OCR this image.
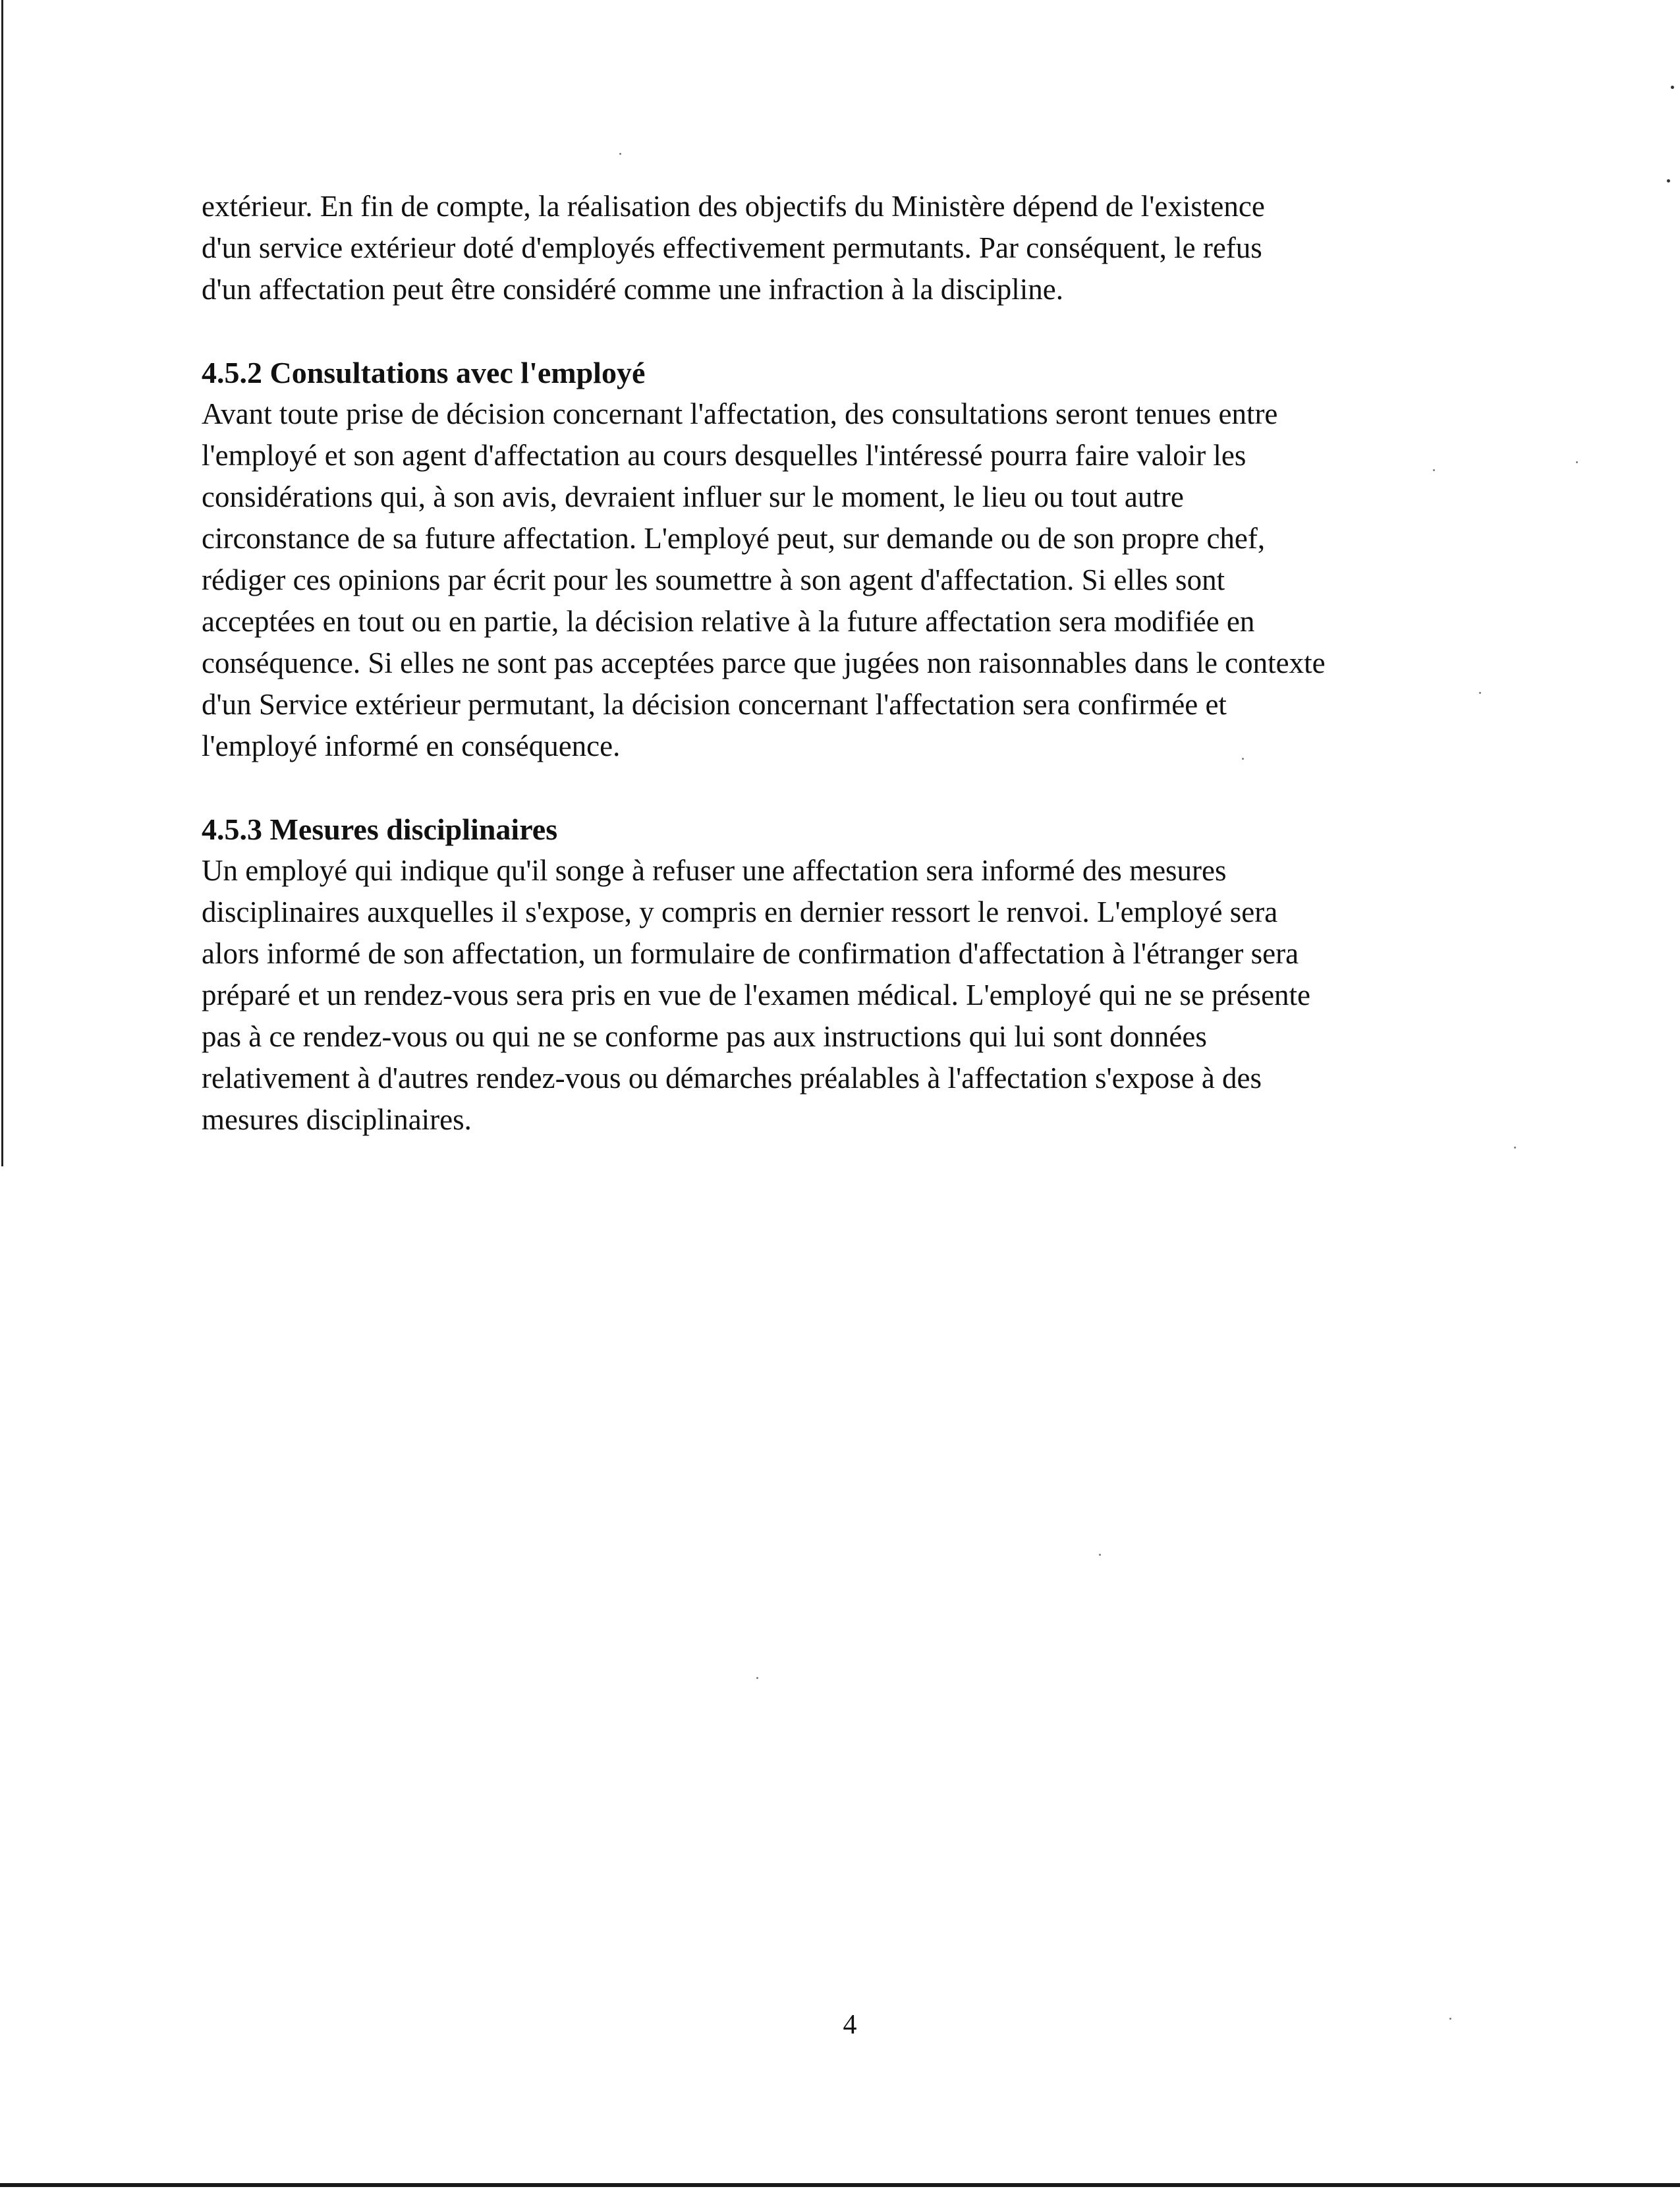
extérieur. En fin de compte, la réalisation des objectifs du Ministère dépend de l'existence
d'un service extérieur doté d'employés effectivement permutants. Par conséquent, le refus
d'un affectation peut être considéré comme une infraction à la discipline.

4.5.2 Consultations avec l'employé

Avant toute prise de décision concernant l'affectation, des consultations seront tenues entre
l'employé et son agent d'affectation au cours desquelles l'intéressé pourra faire valoir les
considérations qui, à son avis, devraient influer sur le moment, le lieu ou tout autre
circonstance de sa future affectation. L'employé peut, sur demande ou de son propre chef,
rédiger ces opinions par écrit pour les soumettre à son agent d'affectation. Si elles sont
acceptées en tout ou en partie, la décision relative à la future affectation sera modifiée en
conséquence. Si elles ne sont pas acceptées parce que jugées non raisonnables dans le contexte
d'un Service extérieur permutant, la décision concernant l'affectation sera confirmée et
l'employé informé en conséquence.

4.5.3 Mesures disciplinaires

Un employé qui indique qu'il songe à refuser une affectation sera informé des mesures
disciplinaires auxquelles il s'expose, y compris en dernier ressort le renvoi. L'employé sera
alors informé de son affectation, un formulaire de confirmation d'affectation à l'étranger sera
préparé et un rendez-vous sera pris en vue de l'examen médical. L'employé qui ne se présente
pas à ce rendez-vous ou qui ne se conforme pas aux instructions qui lui sont données
relativement à d'autres rendez-vous ou démarches préalables à l'affectation s'expose à des
mesures disciplinaires.

4
